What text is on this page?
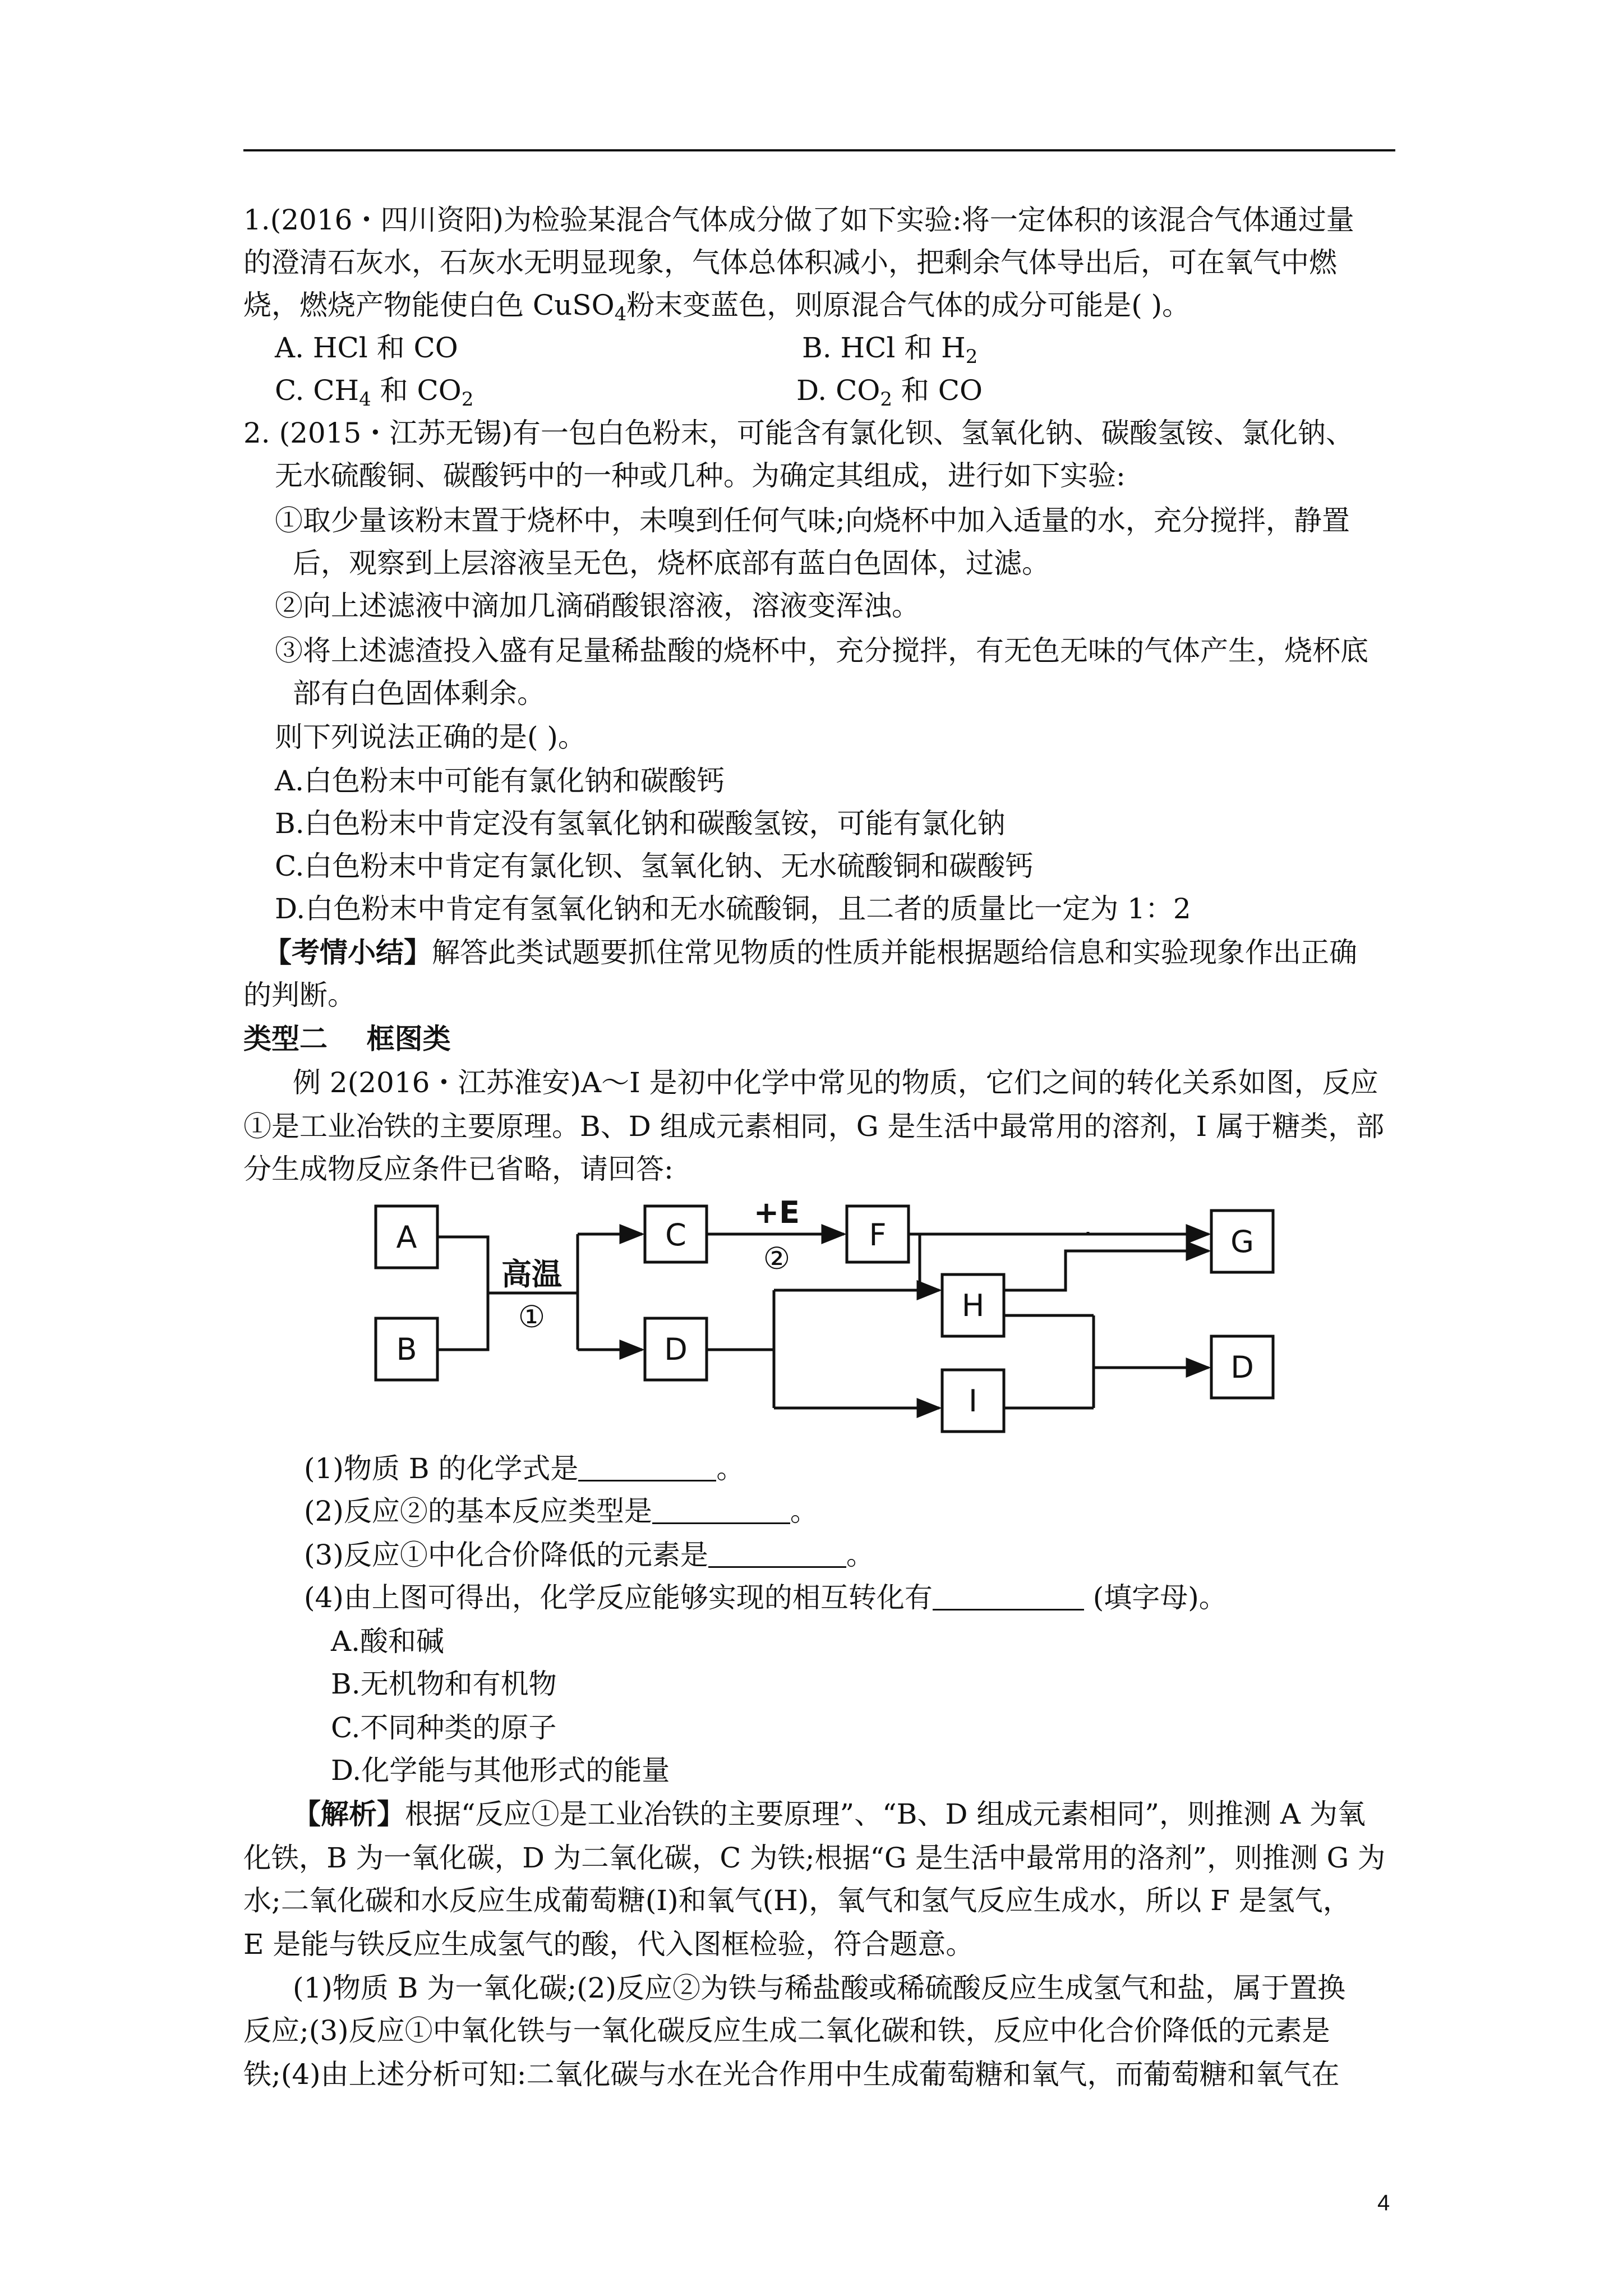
1.(2016・四川资阳)为检验某混合气体成分做了如下实验:将一定体积的该混合气体通过量
的澄清石灰水，石灰水无明显现象，气体总体积减小，把剩余气体导出后，可在氧气中燃
烧，燃烧产物能使白色 CuSO$_4$粉末变蓝色，则原混合气体的成分可能是( )。
A. HCl 和 CO	B. HCl 和 $H_2$
C. $CH_4$ 和 $CO_2$	D. $CO_2$ 和 CO
2. (2015・江苏无锡)有一包白色粉末，可能含有氯化钡、氢氧化钠、碳酸氢铵、氯化钠、
无水硫酸铜、碳酸钙中的一种或几种。为确定其组成，进行如下实验:
①取少量该粉末置于烧杯中，未嗅到任何气味;向烧杯中加入适量的水，充分搅拌，静置
后，观察到上层溶液呈无色，烧杯底部有蓝白色固体，过滤。
②向上述滤液中滴加几滴硝酸银溶液，溶液变浑浊。
③将上述滤渣投入盛有足量稀盐酸的烧杯中，充分搅拌，有无色无味的气体产生，烧杯底
部有白色固体剩余。
则下列说法正确的是( )。
A.白色粉末中可能有氯化钠和碳酸钙
B.白色粉末中肯定没有氢氧化钠和碳酸氢铵，可能有氯化钠
C.白色粉末中肯定有氯化钡、氢氧化钠、无水硫酸铜和碳酸钙
D.白色粉末中肯定有氢氧化钠和无水硫酸铜，且二者的质量比一定为 1：2
【考情小结】解答此类试题要抓住常见物质的性质并能根据题给信息和实验现象作出正确
的判断。
类型二    框图类
例 2(2016・江苏淮安)A～I 是初中化学中常见的物质，它们之间的转化关系如图，反应
①是工业冶铁的主要原理。B、D 组成元素相同，G 是生活中最常用的溶剂，I 属于糖类，部
分生成物反应条件已省略，请回答:
A
B
C
D
F
H
I
G
D
高温
①
+E
②
(1)物质 B 的化学式是	。
(2)反应②的基本反应类型是	。
(3)反应①中化合价降低的元素是	。
(4)由上图可得出，化学反应能够实现的相互转化有	(填字母)。
A.酸和碱
B.无机物和有机物
C.不同种类的原子
D.化学能与其他形式的能量
【解析】根据“反应①是工业冶铁的主要原理”、“B、D 组成元素相同”，则推测 A 为氧
化铁，B 为一氧化碳，D 为二氧化碳，C 为铁;根据“G 是生活中最常用的洛剂”，则推测 G 为
水;二氧化碳和水反应生成葡萄糖(Ⅰ)和氧气(H)，氧气和氢气反应生成水，所以 F 是氢气，
E 是能与铁反应生成氢气的酸，代入图框检验，符合题意。
(1)物质 B 为一氧化碳;(2)反应②为铁与稀盐酸或稀硫酸反应生成氢气和盐，属于置换
反应;(3)反应①中氧化铁与一氧化碳反应生成二氧化碳和铁，反应中化合价降低的元素是
铁;(4)由上述分析可知:二氧化碳与水在光合作用中生成葡萄糖和氧气，而葡萄糖和氧气在
4
